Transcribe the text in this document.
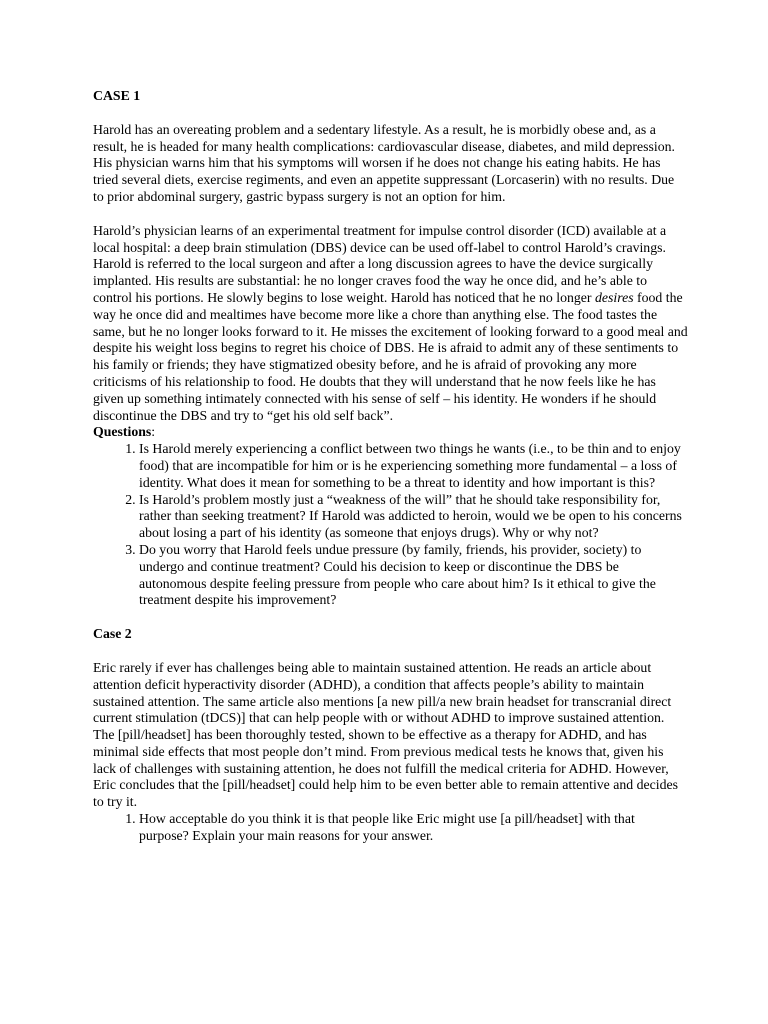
CASE 1

Harold has an overeating problem and a sedentary lifestyle. As a result, he is morbidly obese and, as a result, he is headed for many health complications: cardiovascular disease, diabetes, and mild depression. His physician warns him that his symptoms will worsen if he does not change his eating habits. He has tried several diets, exercise regiments, and even an appetite suppressant (Lorcaserin) with no results. Due to prior abdominal surgery, gastric bypass surgery is not an option for him.

Harold’s physician learns of an experimental treatment for impulse control disorder (ICD) available at a local hospital: a deep brain stimulation (DBS) device can be used off-label to control Harold’s cravings. Harold is referred to the local surgeon and after a long discussion agrees to have the device surgically implanted. His results are substantial: he no longer craves food the way he once did, and he’s able to control his portions. He slowly begins to lose weight. Harold has noticed that he no longer desires food the way he once did and mealtimes have become more like a chore than anything else. The food tastes the same, but he no longer looks forward to it. He misses the excitement of looking forward to a good meal and despite his weight loss begins to regret his choice of DBS. He is afraid to admit any of these sentiments to his family or friends; they have stigmatized obesity before, and he is afraid of provoking any more criticisms of his relationship to food. He doubts that they will understand that he now feels like he has given up something intimately connected with his sense of self – his identity. He wonders if he should discontinue the DBS and try to “get his old self back”.

Questions:

1. Is Harold merely experiencing a conflict between two things he wants (i.e., to be thin and to enjoy food) that are incompatible for him or is he experiencing something more fundamental – a loss of identity. What does it mean for something to be a threat to identity and how important is this?
2. Is Harold’s problem mostly just a “weakness of the will” that he should take responsibility for, rather than seeking treatment? If Harold was addicted to heroin, would we be open to his concerns about losing a part of his identity (as someone that enjoys drugs). Why or why not?
3. Do you worry that Harold feels undue pressure (by family, friends, his provider, society) to undergo and continue treatment? Could his decision to keep or discontinue the DBS be autonomous despite feeling pressure from people who care about him? Is it ethical to give the treatment despite his improvement?

Case 2

Eric rarely if ever has challenges being able to maintain sustained attention. He reads an article about attention deficit hyperactivity disorder (ADHD), a condition that affects people’s ability to maintain sustained attention. The same article also mentions [a new pill/a new brain headset for transcranial direct current stimulation (tDCS)] that can help people with or without ADHD to improve sustained attention. The [pill/headset] has been thoroughly tested, shown to be effective as a therapy for ADHD, and has minimal side effects that most people don’t mind. From previous medical tests he knows that, given his lack of challenges with sustaining attention, he does not fulfill the medical criteria for ADHD. However, Eric concludes that the [pill/headset] could help him to be even better able to remain attentive and decides to try it.

1. How acceptable do you think it is that people like Eric might use [a pill/headset] with that purpose? Explain your main reasons for your answer.
